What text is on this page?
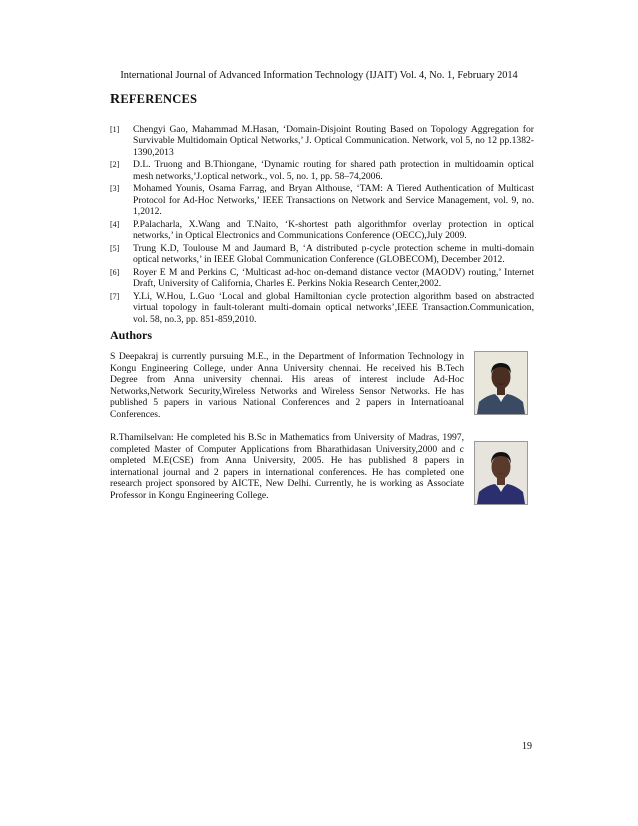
International Journal of Advanced Information Technology (IJAIT) Vol. 4, No. 1, February 2014
REFERENCES
[1] Chengyi Gao, Mahammad M.Hasan, ‘Domain-Disjoint Routing Based on Topology Aggregation for Survivable Multidomain Optical Networks,’ J. Optical Communication. Network, vol 5, no 12 pp.1382-1390,2013
[2] D.L. Truong and B.Thiongane, ‘Dynamic routing for shared path protection in multidoamin optical mesh networks,’J.optical network., vol. 5, no. 1, pp. 58–74,2006.
[3] Mohamed Younis, Osama Farrag, and Bryan Althouse, ‘TAM: A Tiered Authentication of Multicast Protocol for Ad-Hoc Networks,’ IEEE Transactions on Network and Service Management, vol. 9, no. 1,2012.
[4] P.Palacharla, X.Wang and T.Naito, ‘K-shortest path algorithmfor overlay protection in optical networks,’ in Optical Electronics and Communications Conference (OECC),July 2009.
[5] Trung K.D, Toulouse M and Jaumard B, ‘A distributed p-cycle protection scheme in multi-domain optical networks,’ in IEEE Global Communication Conference (GLOBECOM), December 2012.
[6] Royer E M and Perkins C, ‘Multicast ad-hoc on-demand distance vector (MAODV) routing,’ Internet Draft, University of California, Charles E. Perkins Nokia Research Center,2002.
[7] Y.Li, W.Hou, L.Guo ‘Local and global Hamiltonian cycle protection algorithm based on abstracted virtual topology in fault-tolerant multi-domain optical networks’,IEEE Transaction.Communication, vol. 58, no.3, pp. 851-859,2010.
Authors
S Deepakraj is currently pursuing M.E., in the Department of Information Technology in Kongu Engineering College, under Anna University chennai. He received his B.Tech Degree from Anna university chennai. His areas of interest include Ad-Hoc Networks,Network Security,Wireless Networks and Wireless Sensor Networks. He has published 5 papers in various National Conferences and 2 papers in Internatioanal Conferences.
R.Thamilselvan: He completed his B.Sc in Mathematics from University of Madras, 1997, completed Master of Computer Applications from Bharathidasan University,2000 and c ompleted M.E(CSE) from Anna University, 2005. He has published 8 papers in international journal and 2 papers in international conferences. He has completed one research project sponsored by AICTE, New Delhi. Currently, he is working as Associate Professor in Kongu Engineering College.
19
